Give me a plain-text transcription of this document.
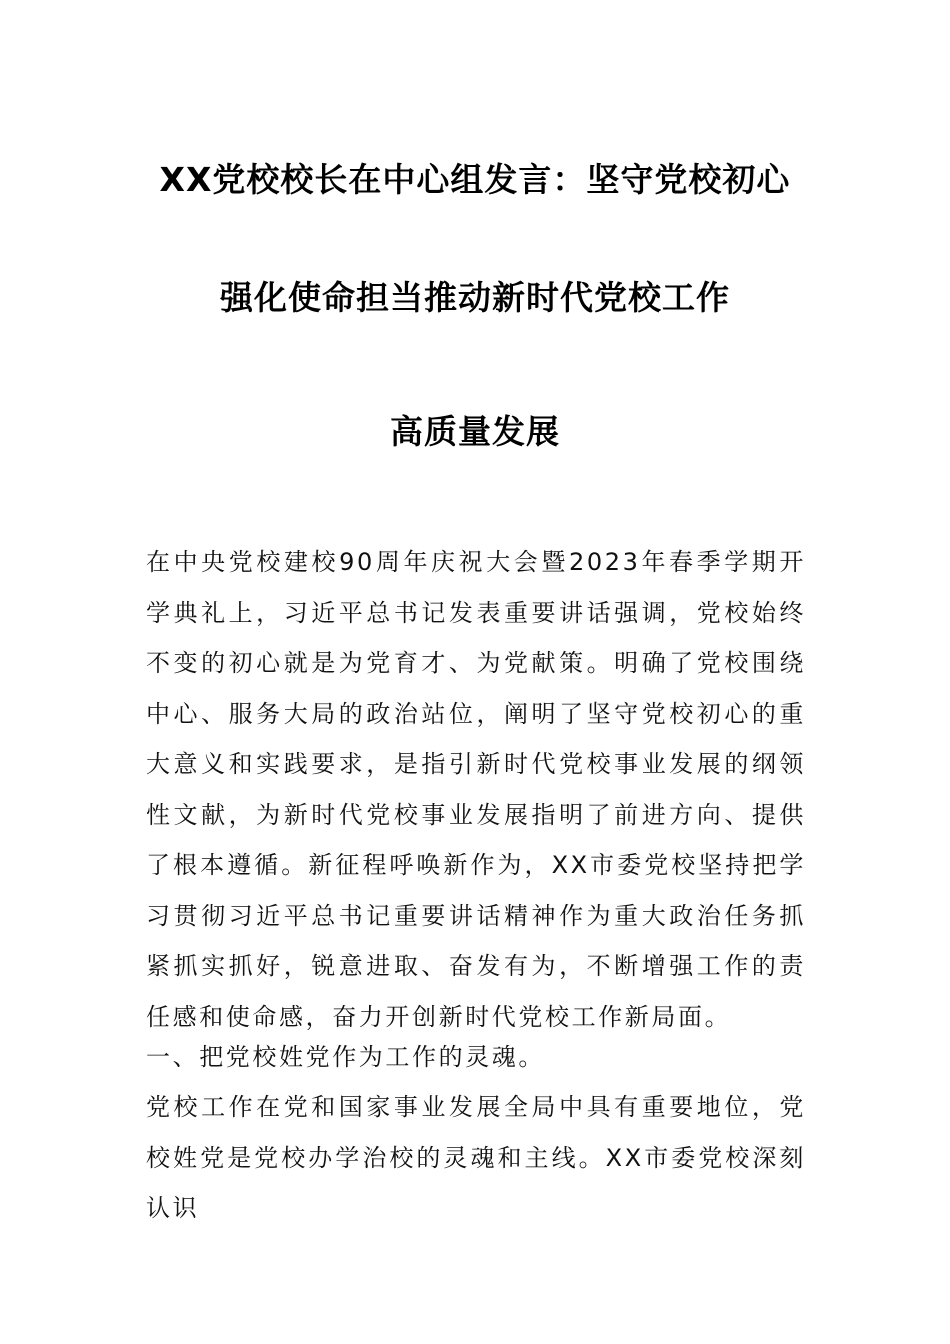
XX党校校长在中心组发言：坚守党校初心
强化使命担当推动新时代党校工作
高质量发展
在中央党校建校90周年庆祝大会暨2023年春季学期开学典礼上，习近平总书记发表重要讲话强调，党校始终不变的初心就是为党育才、为党献策。明确了党校围绕中心、服务大局的政治站位，阐明了坚守党校初心的重大意义和实践要求，是指引新时代党校事业发展的纲领性文献，为新时代党校事业发展指明了前进方向、提供了根本遵循。新征程呼唤新作为，XX市委党校坚持把学习贯彻习近平总书记重要讲话精神作为重大政治任务抓紧抓实抓好，锐意进取、奋发有为，不断增强工作的责任感和使命感，奋力开创新时代党校工作新局面。
一、把党校姓党作为工作的灵魂。
党校工作在党和国家事业发展全局中具有重要地位，党校姓党是党校办学治校的灵魂和主线。XX市委党校深刻认识
